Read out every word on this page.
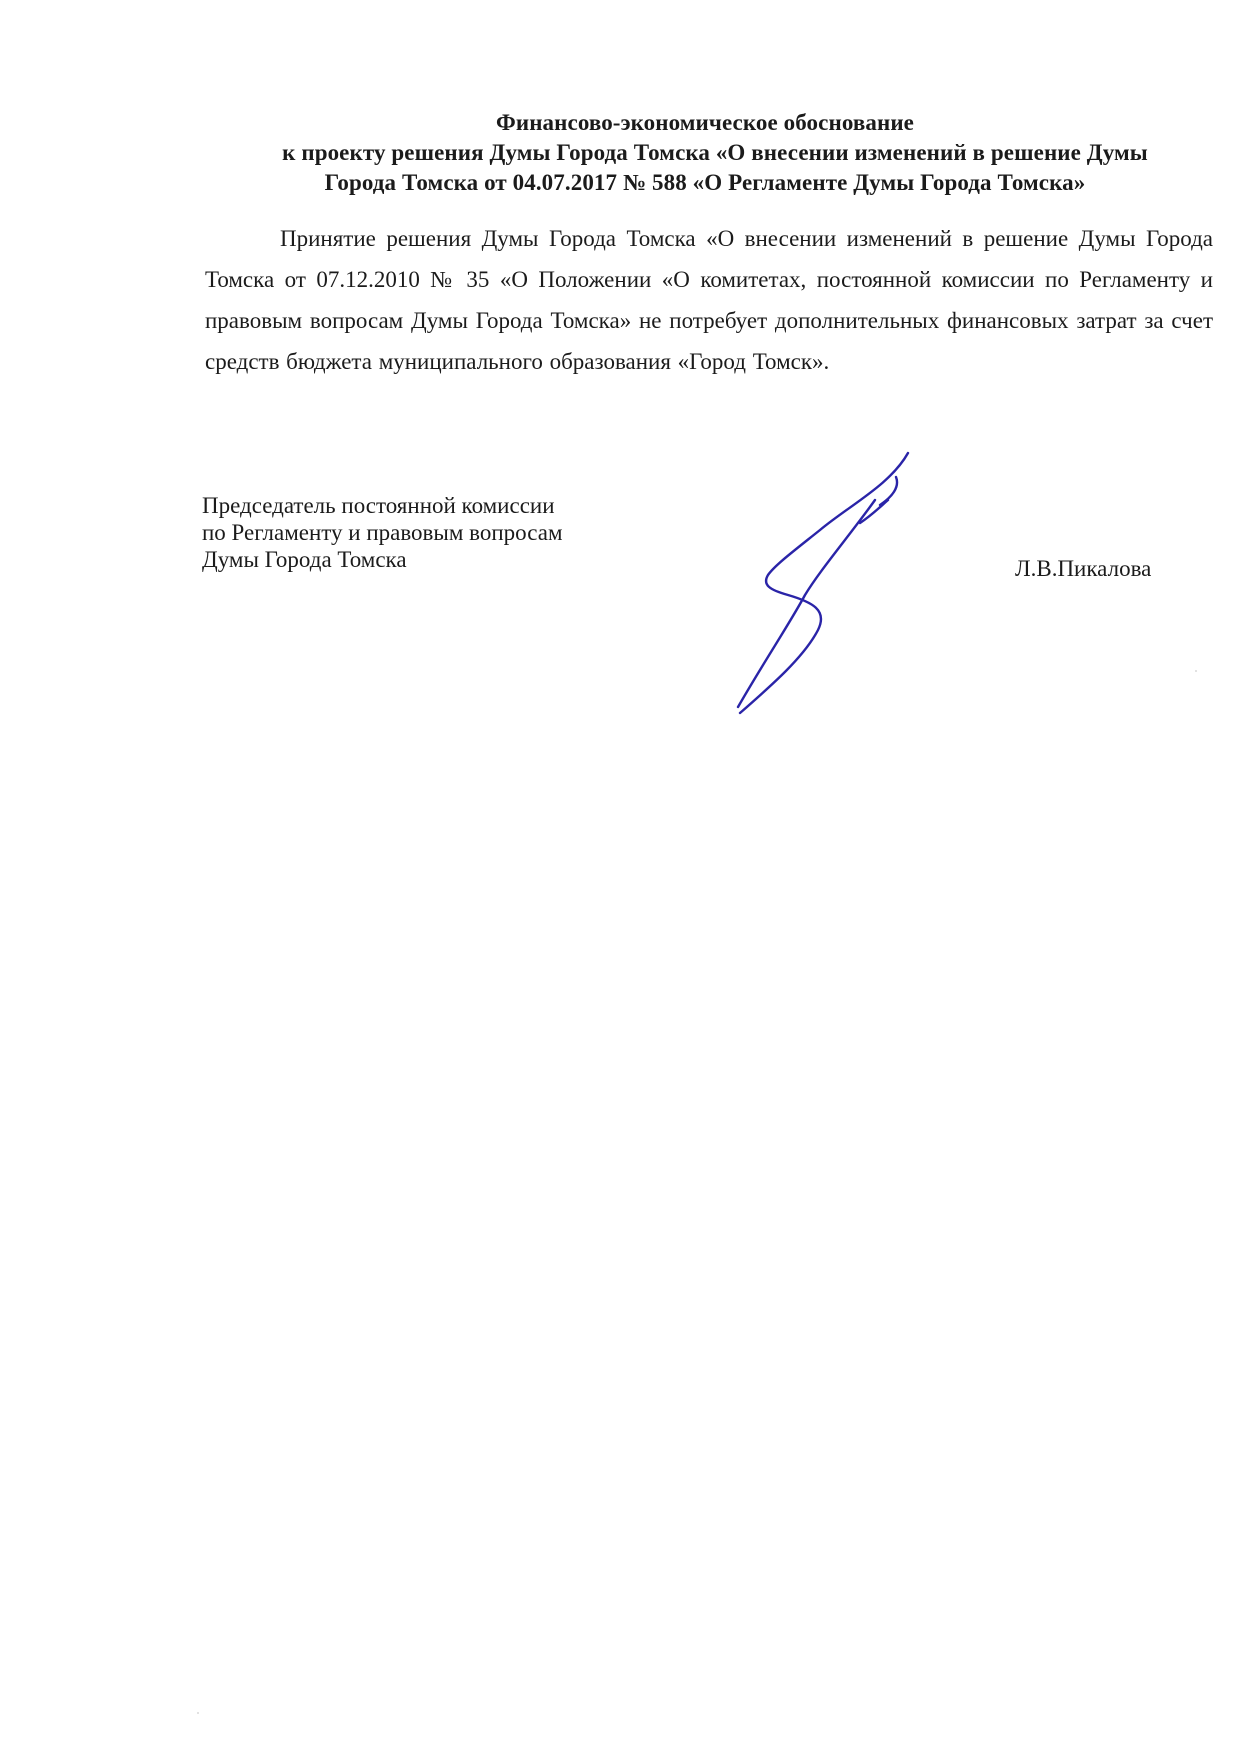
Финансово-экономическое обоснование
к проекту решения Думы Города Томска «О внесении изменений в решение Думы
Города Томска от 04.07.2017 № 588 «О Регламенте Думы Города Томска»

Принятие решения Думы Города Томска «О внесении изменений в решение Думы Города Томска от 07.12.2010 № 35 «О Положении «О комитетах, постоянной комиссии по Регламенту и правовым вопросам Думы Города Томска» не потребует дополнительных финансовых затрат за счет средств бюджета муниципального образования «Город Томск».

Председатель постоянной комиссии
по Регламенту и правовым вопросам
Думы Города Томска	Л.В.Пикалова
